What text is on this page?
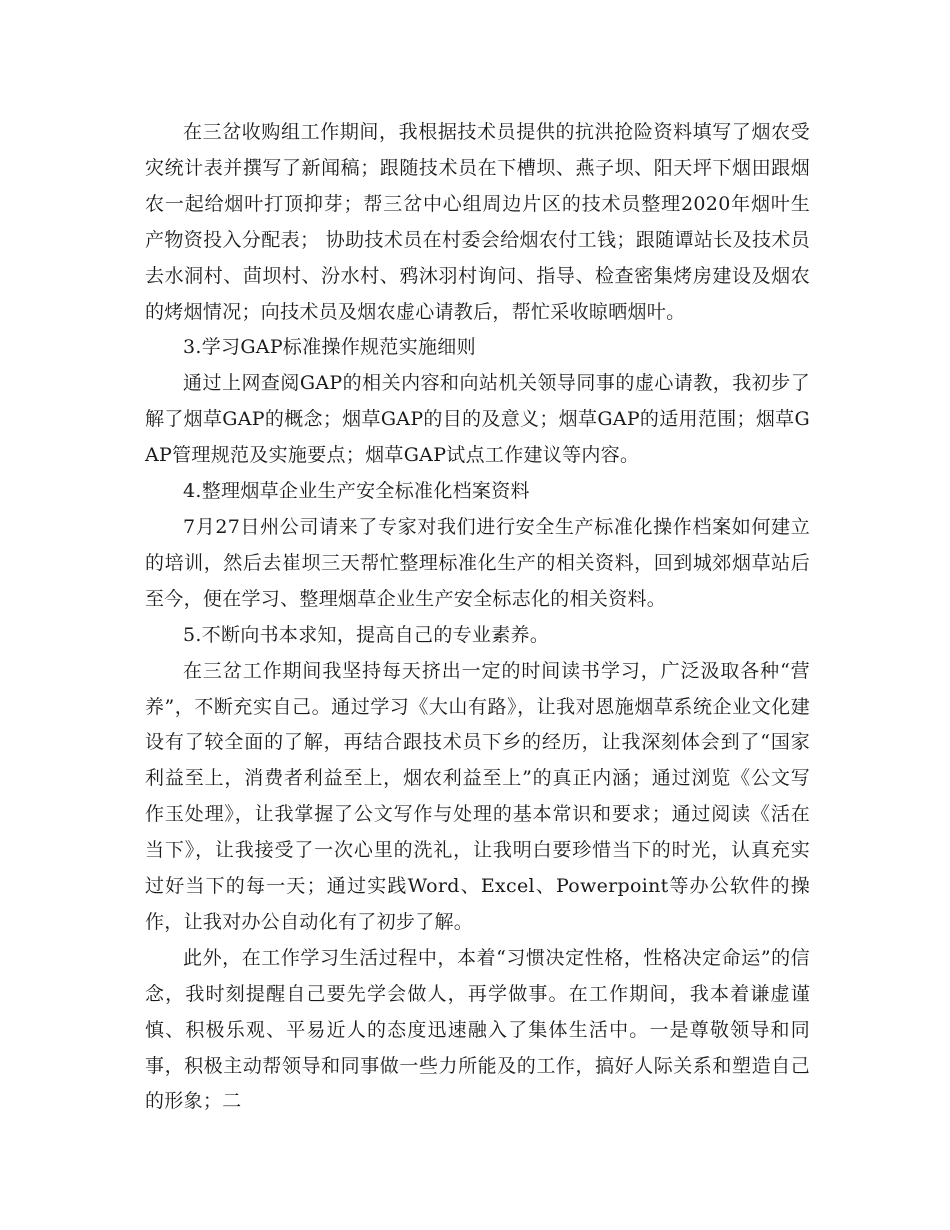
在三岔收购组工作期间，我根据技术员提供的抗洪抢险资料填写了烟农受灾统计表并撰写了新闻稿；跟随技术员在下槽坝、燕子坝、阳天坪下烟田跟烟农一起给烟叶打顶抑芽；帮三岔中心组周边片区的技术员整理2020年烟叶生产物资投入分配表； 协助技术员在村委会给烟农付工钱；跟随谭站长及技术员去水洞村、茴坝村、汾水村、鸦沐羽村询问、指导、检查密集烤房建设及烟农的烤烟情况；向技术员及烟农虚心请教后，帮忙采收晾晒烟叶。

3.学习GAP标准操作规范实施细则

通过上网查阅GAP的相关内容和向站机关领导同事的虚心请教，我初步了解了烟草GAP的概念；烟草GAP的目的及意义；烟草GAP的适用范围；烟草GAP管理规范及实施要点；烟草GAP试点工作建议等内容。

4.整理烟草企业生产安全标准化档案资料

7月27日州公司请来了专家对我们进行安全生产标准化操作档案如何建立的培训，然后去崔坝三天帮忙整理标准化生产的相关资料，回到城郊烟草站后至今，便在学习、整理烟草企业生产安全标志化的相关资料。

5.不断向书本求知，提高自己的专业素养。

在三岔工作期间我坚持每天挤出一定的时间读书学习，广泛汲取各种“营养”，不断充实自己。通过学习《大山有路》，让我对恩施烟草系统企业文化建设有了较全面的了解，再结合跟技术员下乡的经历，让我深刻体会到了“国家利益至上，消费者利益至上，烟农利益至上”的真正内涵；通过浏览《公文写作玉处理》，让我掌握了公文写作与处理的基本常识和要求；通过阅读《活在当下》，让我接受了一次心里的洗礼，让我明白要珍惜当下的时光，认真充实过好当下的每一天；通过实践Word、Excel、Powerpoint等办公软件的操作，让我对办公自动化有了初步了解。

此外，在工作学习生活过程中，本着“习惯决定性格，性格决定命运”的信念，我时刻提醒自己要先学会做人，再学做事。在工作期间，我本着谦虚谨慎、积极乐观、平易近人的态度迅速融入了集体生活中。一是尊敬领导和同事，积极主动帮领导和同事做一些力所能及的工作，搞好人际关系和塑造自己的形象；二
